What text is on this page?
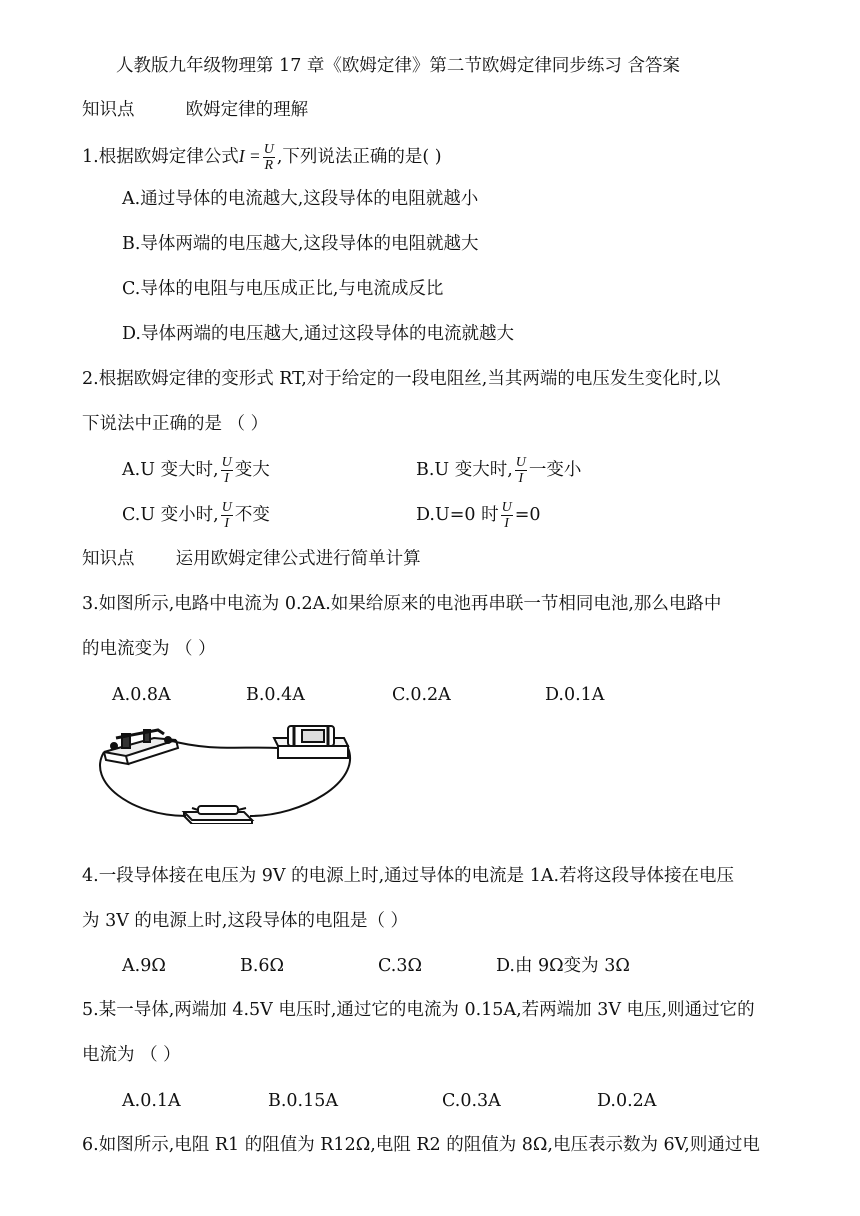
人教版九年级物理第 17 章《欧姆定律》第二节欧姆定律同步练习 含答案
知识点	欧姆定律的理解
1.根据欧姆定律公式$I = \frac{U}{R}$ ,下列说法正确的是( )
A.通过导体的电流越大,这段导体的电阻就越小
B.导体两端的电压越大,这段导体的电阻就越大
C.导体的电阻与电压成正比,与电流成反比
D.导体两端的电压越大,通过这段导体的电流就越大
2.根据欧姆定律的变形式 RT,对于给定的一段电阻丝,当其两端的电压发生变化时,以
下说法中正确的是 （ ）
A.U 变大时, $\frac{U}{I}$ 变大	B.U 变大时, $\frac{U}{I}$ 一变小
C.U 变小时, $\frac{U}{I}$ 不变	D.U=0 时 $\frac{U}{I} =0$
知识点 运用欧姆定律公式进行简单计算
3.如图所示,电路中电流为 0.2A.如果给原来的电池再串联一节相同电池,那么电路中
的电流变为 （ ）
A.0.8A	B.0.4A	C.0.2A	D.0.1A
4.一段导体接在电压为 9V 的电源上时,通过导体的电流是 1A.若将这段导体接在电压
为 3V 的电源上时,这段导体的电阻是（ ）
A.9Ω	B.6Ω	C.3Ω	D.由 9Ω变为 3Ω
5.某一导体,两端加 4.5V 电压时,通过它的电流为 0.15A,若两端加 3V 电压,则通过它的
电流为 （ ）
A.0.1A	B.0.15A	C.0.3A	D.0.2A
6.如图所示,电阻 R1 的阻值为 R12Ω,电阻 R2 的阻值为 8Ω,电压表示数为 6V,则通过电
